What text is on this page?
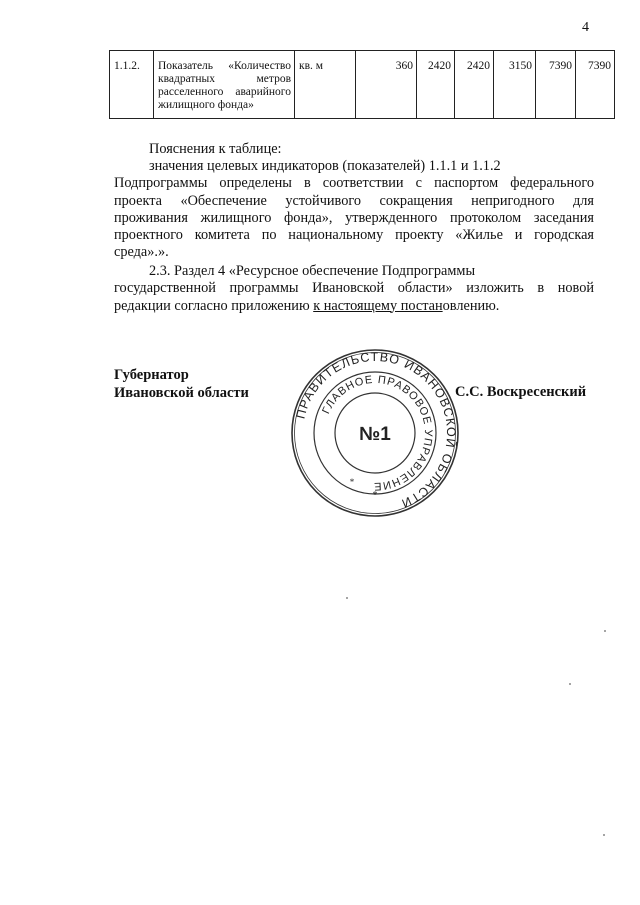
4
1.1.2.	Показатель «Количество квадратных метров расселенного аварийного жилищного фонда»	кв. м	360	2420	2420	3150	7390	7390
Пояснения к таблице:
значения целевых индикаторов (показателей) 1.1.1 и 1.1.2
Подпрограммы определены в соответствии с паспортом федерального проекта «Обеспечение устойчивого сокращения непригодного для проживания жилищного фонда», утвержденного протоколом заседания проектного комитета по национальному проекту «Жилье и городская среда».».
2.3. Раздел 4 «Ресурсное обеспечение Подпрограммы
государственной программы Ивановской области» изложить в новой редакции согласно приложению к настоящему постановлению.
Губернатор
Ивановской области	С.С. Воскресенский
ПРАВИТЕЛЬСТВО ИВАНОВСКОЙ ОБЛАСТИ
ГЛАВНОЕ ПРАВОВОЕ УПРАВЛЕНИЕ
№1
*
*
